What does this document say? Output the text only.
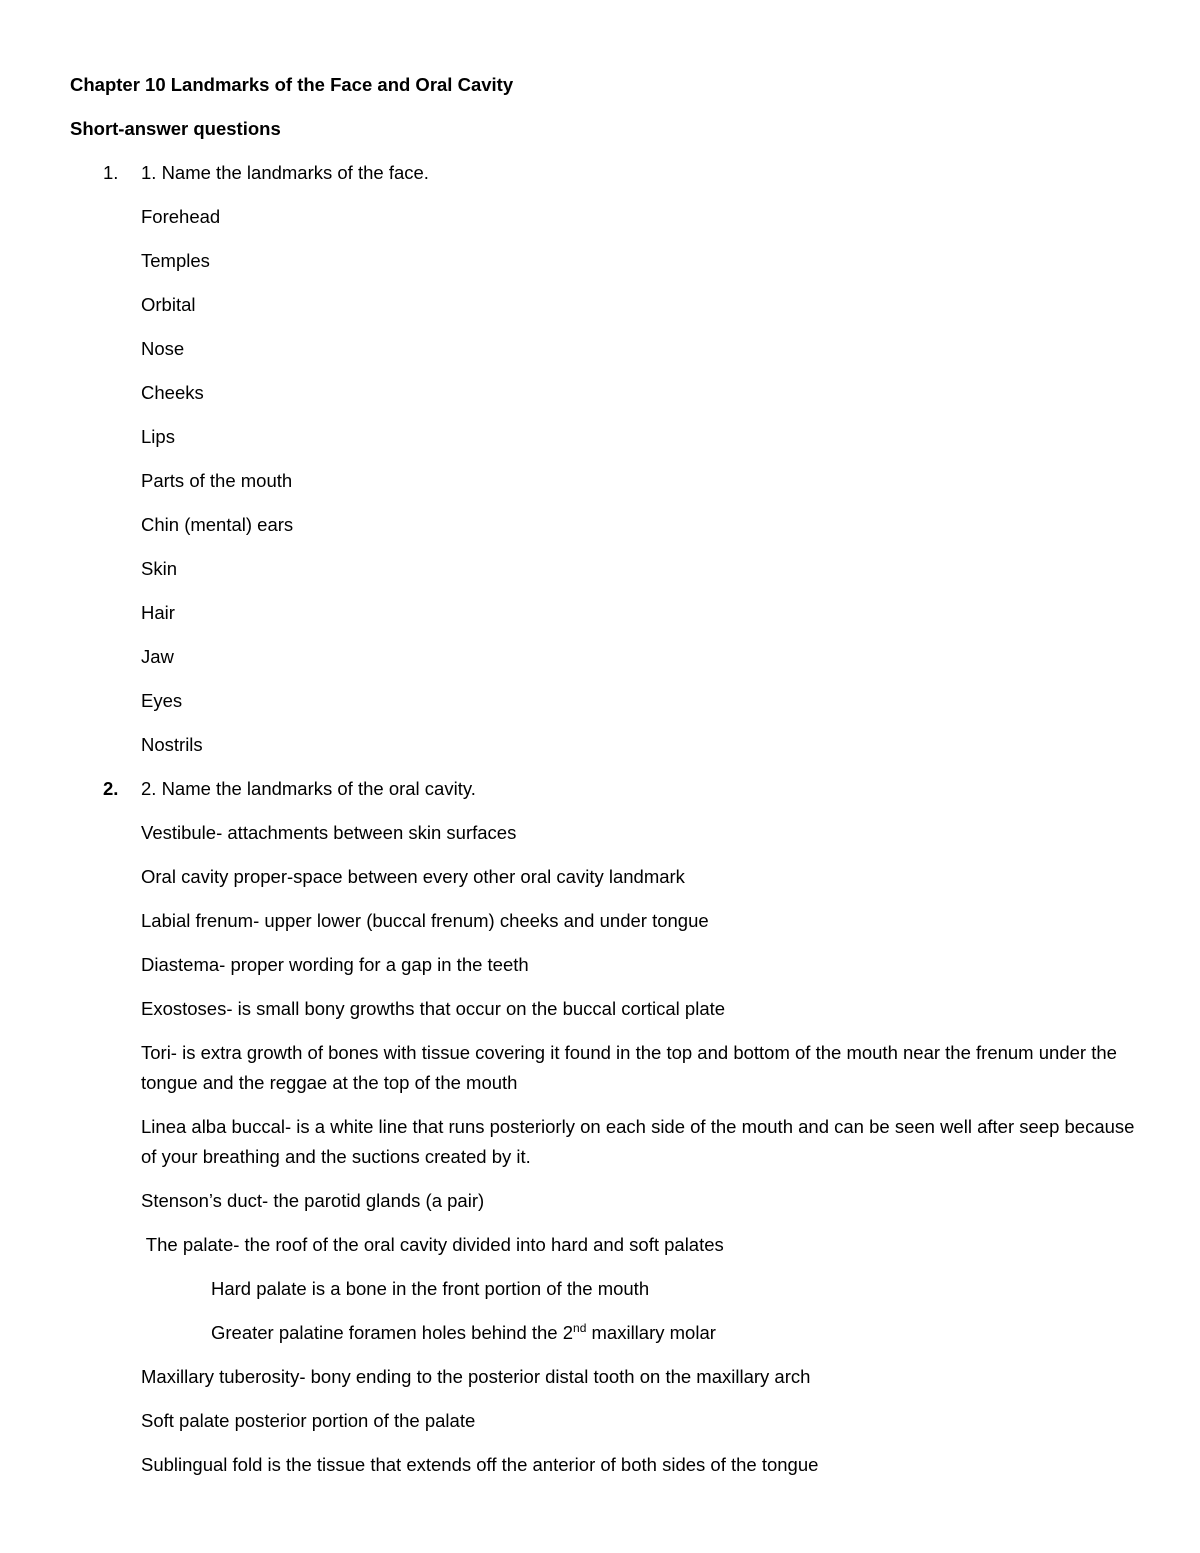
Chapter 10 Landmarks of the Face and Oral Cavity
Short-answer questions
1. 1. Name the landmarks of the face.
Forehead
Temples
Orbital
Nose
Cheeks
Lips
Parts of the mouth
Chin (mental) ears
Skin
Hair
Jaw
Eyes
Nostrils
2. 2. Name the landmarks of the oral cavity.
Vestibule- attachments between skin surfaces
Oral cavity proper-space between every other oral cavity landmark
Labial frenum- upper lower (buccal frenum) cheeks and under tongue
Diastema- proper wording for a gap in the teeth
Exostoses- is small bony growths that occur on the buccal cortical plate
Tori- is extra growth of bones with tissue covering it found in the top and bottom of the mouth near the frenum under the tongue and the reggae at the top of the mouth
Linea alba buccal- is a white line that runs posteriorly on each side of the mouth and can be seen well after seep because of your breathing and the suctions created by it.
Stenson’s duct- the parotid glands (a pair)
The palate- the roof of the oral cavity divided into hard and soft palates
Hard palate is a bone in the front portion of the mouth
Greater palatine foramen holes behind the 2nd maxillary molar
Maxillary tuberosity- bony ending to the posterior distal tooth on the maxillary arch
Soft palate posterior portion of the palate
Sublingual fold is the tissue that extends off the anterior of both sides of the tongue
